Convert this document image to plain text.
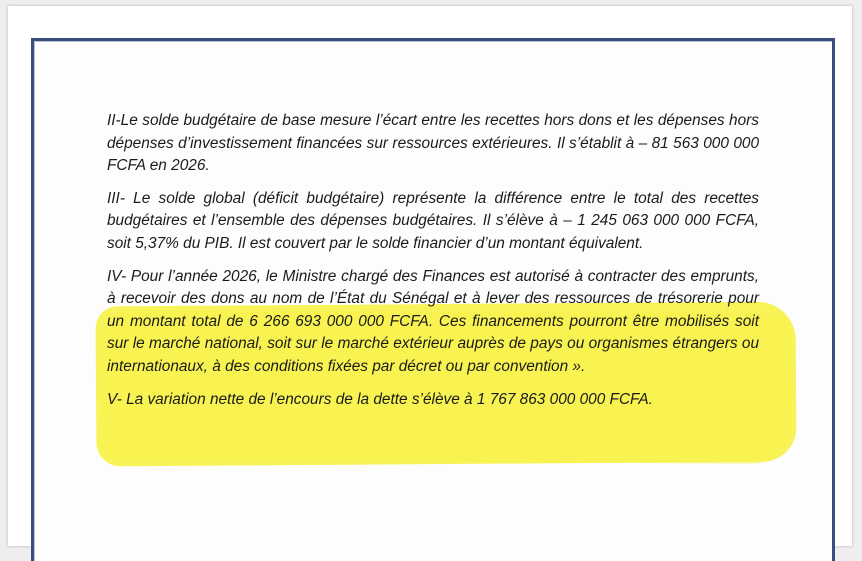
II-Le solde budgétaire de base mesure l’écart entre les recettes hors dons et les dépenses hors dépenses d’investissement financées sur ressources extérieures. Il s’établit à – 81 563 000 000 FCFA en 2026.

III- Le solde global (déficit budgétaire) représente la différence entre le total des recettes budgétaires et l’ensemble des dépenses budgétaires. Il s’élève à – 1 245 063 000 000 FCFA, soit 5,37% du PIB. Il est couvert par le solde financier d’un montant équivalent.

IV- Pour l’année 2026, le Ministre chargé des Finances est autorisé à contracter des emprunts, à recevoir des dons au nom de l’État du Sénégal et à lever des ressources de trésorerie pour un montant total de 6 266 693 000 000 FCFA. Ces financements pourront être mobilisés soit sur le marché national, soit sur le marché extérieur auprès de pays ou organismes étrangers ou internationaux, à des conditions fixées par décret ou par convention ».

V- La variation nette de l’encours de la dette s’élève à 1 767 863 000 000 FCFA.
